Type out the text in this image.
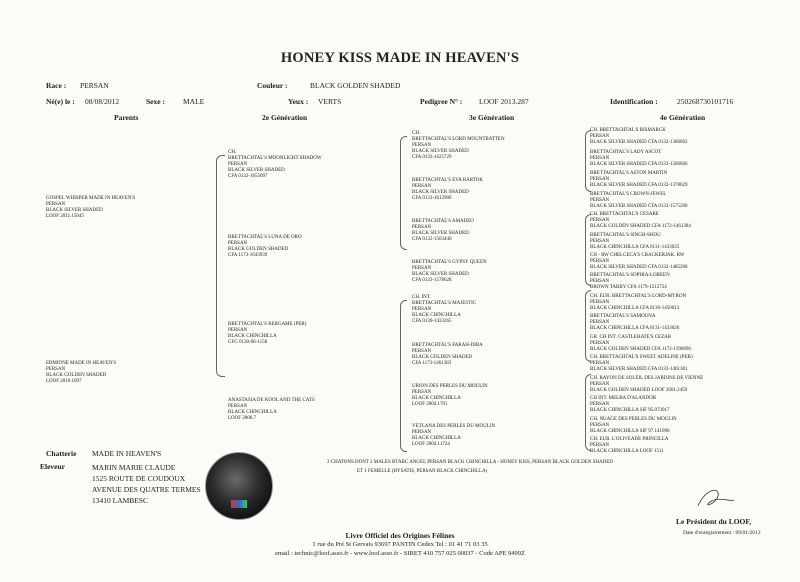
HONEY KISS MADE IN HEAVEN'S
Race : PERSAN	Couleur :	BLACK GOLDEN SHADED
Né(e) le : 08/08/2012	Sexe : MALE	Yeux : VERTS	Pedigree N° : LOOF 2013.287	Identification :	250268730101716
Parents	2e Génération	3e Génération	4e Génération
GOSPEL WHISPER MADE IN HEAVEN'S
PERSAN
BLACK SILVER SHADED
LOOF 2011.15045
ERMIONE MADE IN HEAVEN'S
PERSAN
BLACK GOLDEN SHADED
LOOF 2010.1697
CH.
BRETTACHTAL'S MOONLIGHT SHADOW
PERSAN
BLACK SILVER SHADED
CFA 0132-1655097
BRETTACHTAL'S LUNA DE ORO
PERSAN
BLACK GOLDEN SHADED
CFA 1173-1643939
BRETTACHTAL'S BERGAME (PER)
PERSAN
BLACK CHINCHILLA
CFG 0130-06-1158
ANASTASIA DE KOOL AND THE CATS
PERSAN
BLACK CHINCHILLA
LOOF 2006.7
CH.
BRETTACHTAL'S LORD MOUNTBATTEN
PERSAN
BLACK SILVER SHADED
CFA 0132-1625729
BRETTACHTAL'S EVA BARTOK
PERSAN
BLACK SILVER SHADED
CFA 0133-1612900
BRETTACHTAL'S AMADEO
PERSAN
BLACK SILVER SHADED
CFA 0132-1503440
BRETTACHTAL'S GYPSY QUEEN
PERSAN
BLACK SILVER SHADED
CFA 0133-1578628
CH. INT.
BRETTACHTAL'S MAJESTIC
PERSAN
BLACK CHINCHILLA
CFA 0130-1433265
BRETTACHTAL'S FARAH-DIBA
PERSAN
BLACK GOLDEN SHADED
CFA 1173-1461383
URION DES PERLES DU MOULIN
PERSAN
BLACK CHINCHILLA
LOOF 2004.1701
VETLANA DES PERLES DU MOULIN
PERSAN
BLACK CHINCHILLA
LOOF 2004.11724
CH. BRETTACHTAL'S BISMARCK
PERSAN
BLACK SILVER SHADED CFA 0132-1386662
BRETTACHTAL'S LADY ASCOT
PERSAN
BLACK SILVER SHADED CFA 0133-1586666
BRETTACHTAL'S ASTON MARTIN
PERSAN
BLACK SILVER SHADED CFA 0132-1378629
BRETTACHTAL'S CROWN-JEWEL
PERSAN
BLACK SILVER SHADED CFA 0133-1575200
CH. BRETTACHTAL'S CESARE
PERSAN
BLACK GOLDEN SHADED CFA 1172-1461384
BRETTACHTAL'S SINGH-SHOU
PERSAN
BLACK CHINCHILLA CFA 0131-1433025
CH - RW CHELCECA'S CRACKERJAK. RW
PERSAN
BLACK SILVER SHADED CFA 0132-1485268
BRETTACHTAL'S SOPHIA-LOREEN
PERSAN
BROWN TABBY CFA 1179-1512754
CH. EUR. BRETTACHTAL'S LORD-MYRON
PERSAN
BLACK CHINCHILLA CFA 0130-1450013
BRETTACHTAL'S SAMOUNA
PERSAN
BLACK CHINCHILLA CFA 0131-1433026
GR. CH INT. CASTLEHATE'S CEZAR
PERSAN
BLACK GOLDEN SHADED CFA 1172-1396896
CH. BRETTACHTAL'S SWEET ADELINE (PER)
PERSAN
BLACK SILVER SHADED CFA 0133-1461381
CH. RAYON DE SOLEIL DES JARDINS DE VIENNE
PERSAN
BLACK GOLDEN SHADED LOOF 2001.2459
CH INT. MELBA D'ALANDOR
PERSAN
BLACK CHINCHILLA SIF 95.073017
CH. NUAGE DES PERLES DU MOULIN
PERSAN
BLACK CHINCHILLA SIF 97.141096
CH. EUR. L'OLIVEADE PRINCILLA
PERSAN
BLACK CHINCHILLA LOOF 1511
Chatterie MADE IN HEAVEN'S
Eleveur	MARIN MARIE CLAUDE
1525 ROUTE DE COUDOUX
AVENUE DES QUATRE TERMES
13410 LAMBESC
3 CHATONS DONT 2 MALES BTABC ANGEL PERSAN BLACK CHINCHILLA - HONEY KISS, PERSAN BLACK GOLDEN SHADED
ET 1 FEMELLE (HYSATIS, PERSAN BLACK CHINCHILLA)
Le Président du LOOF,
Date d'enregistrement : 09/01/2013
Livre Officiel des Origines Félines
1 rue du Pré St Gervais 93697 PANTIN Cedex Tel : 01 41 71 03 35
email : technic@loof.asso.fr - www.loof.asso.fr - SIRET 410 757 025 00037 - Code APE 9499Z
